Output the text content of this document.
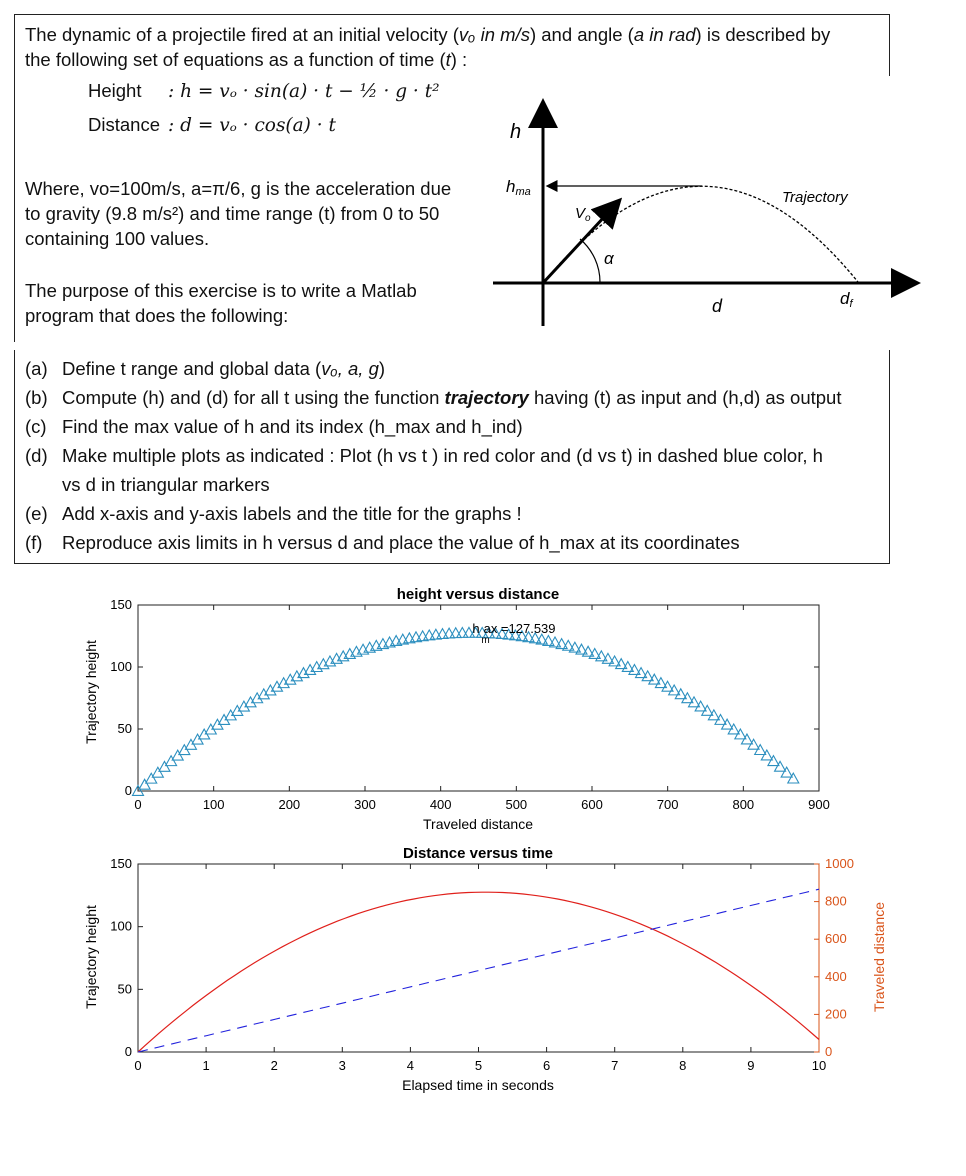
The dynamic of a projectile fired at an initial velocity (vₒ in m/s) and angle (a in rad) is described by
the following set of equations as a function of time (t) :
Height : h = vₒ · sin(a) · t − ½ · g · t²
Distance : d = vₒ · cos(a) · t
Where, vo=100m/s, a=π/6, g is the acceleration due
to gravity (9.8 m/s²) and time range (t) from 0 to 50
containing 100 values.
The purpose of this exercise is to write a Matlab
program that does the following:
h
hma
$V_o$
α
Trajectory
d	df
(a) Define t range and global data (vₒ, a, g)
(b) Compute (h) and (d) for all t using the function trajectory having (t) as input and (h,d) as output
(c) Find the max value of h and its index (h_max and h_ind)
(d) Make multiple plots as indicated : Plot (h vs t ) in red color and (d vs t) in dashed blue color, h
vs d in triangular markers
(e) Add x-axis and y-axis labels and the title for the graphs !
(f) Reproduce axis limits in h versus d and place the value of h_max at its coordinates
height versus distance
Traveled distance
Trajectory height
0	100	200	300	400	500	600	700	800	900
0
50
100
150
h ax =127.539
m
Distance versus time
Elapsed time in seconds
Trajectory height	Traveled distance
0	1	2	3	4	5	6	7	8	9	10
0
50
100
150
0
200
400
600
800
1000
